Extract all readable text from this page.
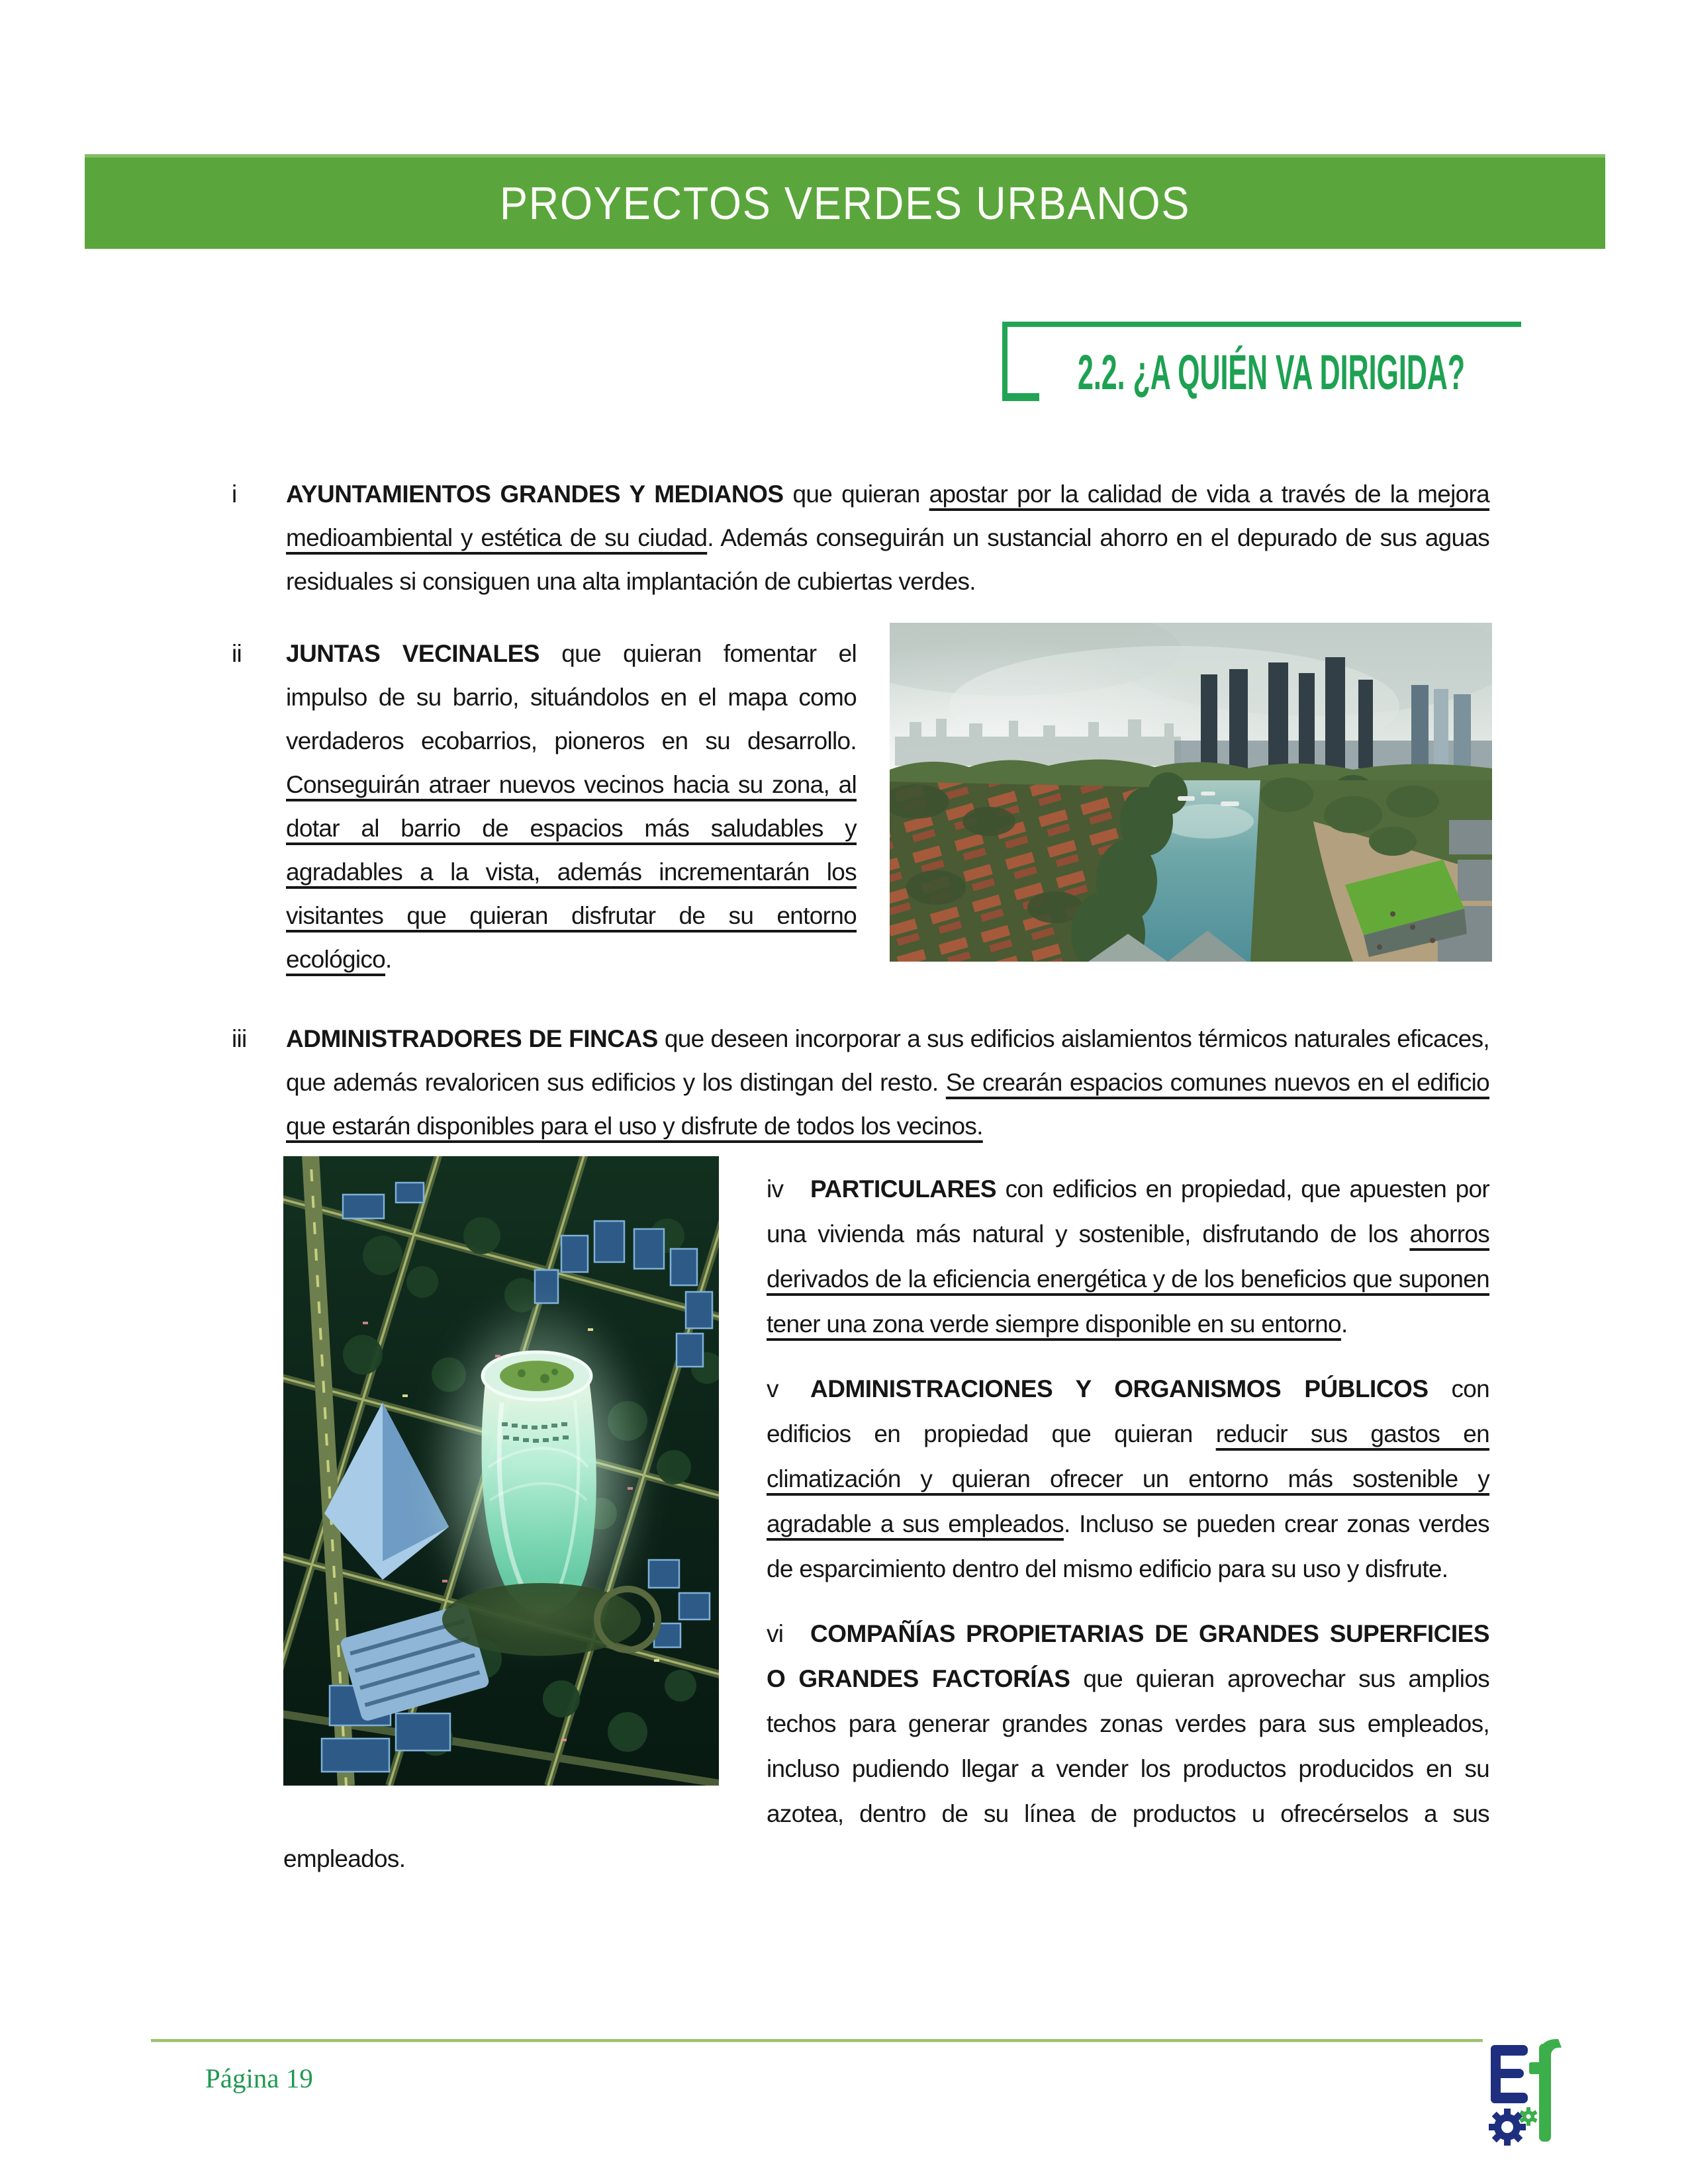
PROYECTOS VERDES URBANOS
2.2. ¿A QUIÉN VA DIRIGIDA?

i AYUNTAMIENTOS GRANDES Y MEDIANOS que quieran apostar por la calidad de vida a través de la mejora medioambiental y estética de su ciudad. Además conseguirán un sustancial ahorro en el depurado de sus aguas residuales si consiguen una alta implantación de cubiertas verdes.

ii JUNTAS VECINALES que quieran fomentar el impulso de su barrio, situándolos en el mapa como verdaderos ecobarrios, pioneros en su desarrollo. Conseguirán atraer nuevos vecinos hacia su zona, al dotar al barrio de espacios más saludables y agradables a la vista, además incrementarán los visitantes que quieran disfrutar de su entorno ecológico.

iii ADMINISTRADORES DE FINCAS que deseen incorporar a sus edificios aislamientos térmicos naturales eficaces, que además revaloricen sus edificios y los distingan del resto. Se crearán espacios comunes nuevos en el edificio que estarán disponibles para el uso y disfrute de todos los vecinos.

iv PARTICULARES con edificios en propiedad, que apuesten por una vivienda más natural y sostenible, disfrutando de los ahorros derivados de la eficiencia energética y de los beneficios que suponen tener una zona verde siempre disponible en su entorno.

v ADMINISTRACIONES Y ORGANISMOS PÚBLICOS con edificios en propiedad que quieran reducir sus gastos en climatización y quieran ofrecer un entorno más sostenible y agradable a sus empleados. Incluso se pueden crear zonas verdes de esparcimiento dentro del mismo edificio para su uso y disfrute.

vi COMPAÑÍAS PROPIETARIAS DE GRANDES SUPERFICIES O GRANDES FACTORÍAS que quieran aprovechar sus amplios techos para generar grandes zonas verdes para sus empleados, incluso pudiendo llegar a vender los productos producidos en su azotea, dentro de su línea de productos u ofrecérselos a sus empleados.

Página 19
